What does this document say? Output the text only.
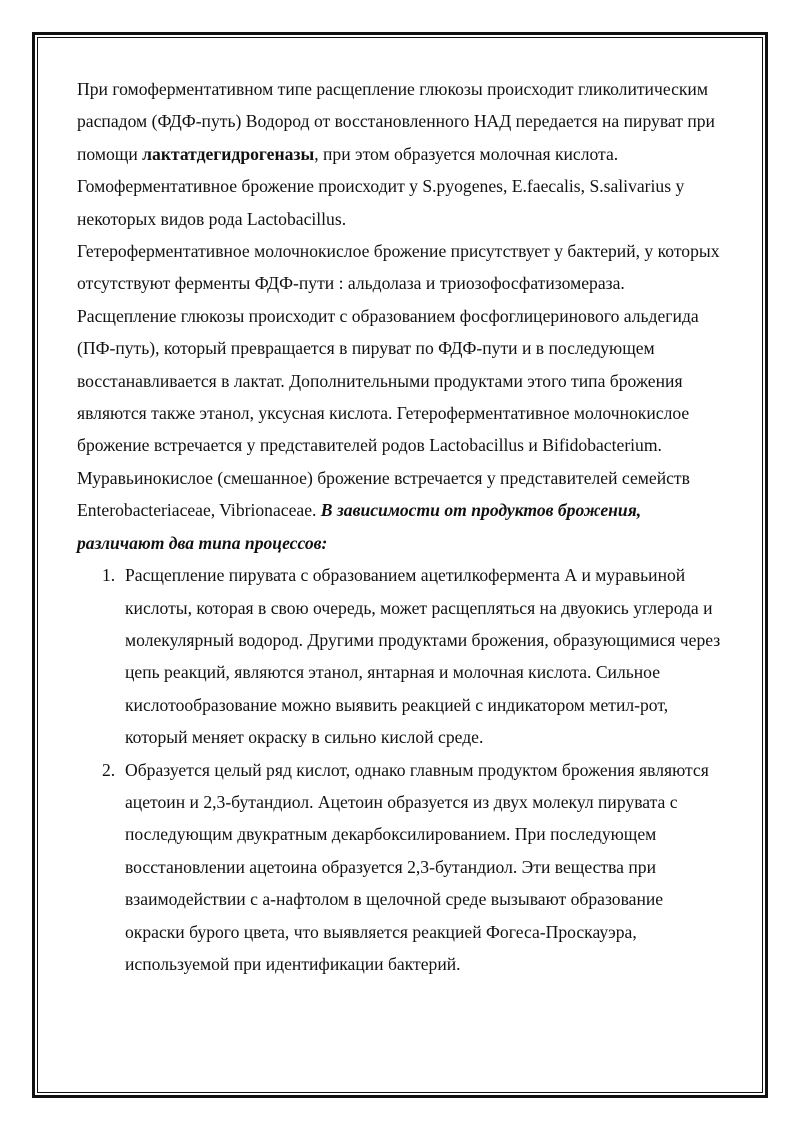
При гомоферментативном типе расщепление глюкозы происходит гликолитическим распадом (ФДФ-путь) Водород от восстановленного НАД передается на пируват при помощи лактатдегидрогеназы, при этом образуется молочная кислота. Гомоферментативное брожение происходит у S.pyogenes, E.faecalis, S.salivarius у некоторых видов рода Lactobacillus.

Гетероферментативное молочнокислое брожение присутствует у бактерий, у которых отсутствуют ферменты ФДФ-пути : альдолаза и триозофосфатизомераза. Расщепление глюкозы происходит с образованием фосфоглицеринового альдегида (ПФ-путь), который превращается в пируват по ФДФ-пути и в последующем восстанавливается в лактат. Дополнительными продуктами этого типа брожения являются также этанол, уксусная кислота. Гетероферментативное молочнокислое брожение встречается у представителей родов Lactobacillus и Bifidobacterium.

Муравьинокислое (смешанное) брожение встречается у представителей семейств Enterobacteriaceae, Vibrionaceae. В зависимости от продуктов брожения, различают два типа процессов:

1. Расщепление пирувата с образованием ацетилкофермента А и муравьиной кислоты, которая в свою очередь, может расщепляться на двуокись углерода и молекулярный водород. Другими продуктами брожения, образующимися через цепь реакций, являются этанол, янтарная и молочная кислота. Сильное кислотообразование можно выявить реакцией с индикатором метил-рот, который меняет окраску в сильно кислой среде.
2. Образуется целый ряд кислот, однако главным продуктом брожения являются ацетоин и 2,3-бутандиол. Ацетоин образуется из двух молекул пирувата с последующим двукратным декарбоксилированием. При последующем восстановлении ацетоина образуется 2,3-бутандиол. Эти вещества при взаимодействии с а-нафтолом в щелочной среде вызывают образование окраски бурого цвета, что выявляется реакцией Фогеса-Проскауэра, используемой при идентификации бактерий.
